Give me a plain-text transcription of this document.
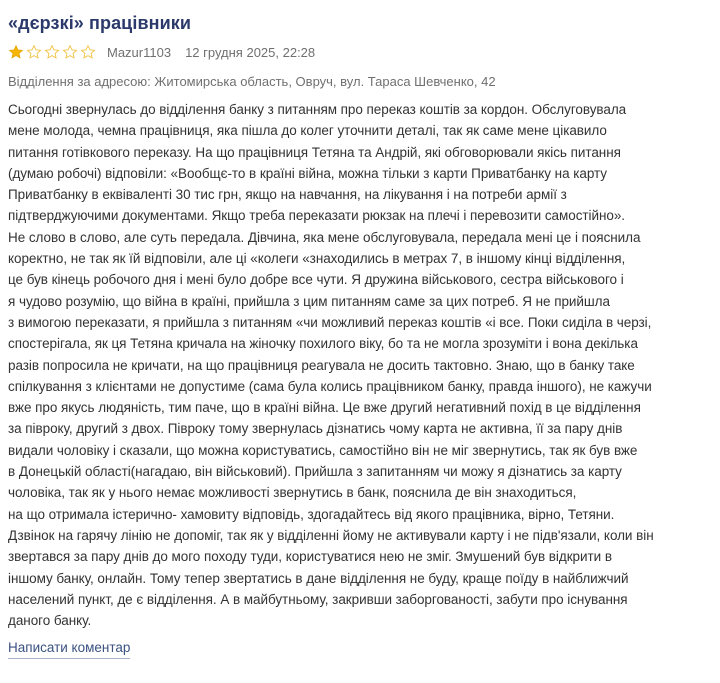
«дєрзкі» працівники
Mazur1103 12 грудня 2025, 22:28
Відділення за адресою: Житомирська область, Овруч, вул. Тараса Шевченко, 42
Сьогодні звернулась до відділення банку з питанням про переказ коштів за кордон. Обслуговувала
мене молода, чемна працівниця, яка пішла до колег уточнити деталі, так як саме мене цікавило
питання готівкового переказу. На що працівниця Тетяна та Андрій, які обговорювали якісь питання
(думаю робочі) відповіли: «Вообщє-то в країні війна, можна тільки з карти Приватбанку на карту
Приватбанку в еквіваленті 30 тис грн, якщо на навчання, на лікування і на потреби армії з
підтверджуючими документами. Якщо треба переказати рюкзак на плечі і перевозити самостійно».
Не слово в слово, але суть передала. Дівчина, яка мене обслуговувала, передала мені це і пояснила
коректно, не так як їй відповіли, але ці «колеги «знаходились в метрах 7, в іншому кінці відділення,
це був кінець робочого дня і мені було добре все чути. Я дружина військового, сестра військового і
я чудово розумію, що війна в країні, прийшла з цим питанням саме за цих потреб. Я не прийшла
з вимогою переказати, я прийшла з питанням «чи можливий переказ коштів «і все. Поки сиділа в черзі,
спостерігала, як ця Тетяна кричала на жіночку похилого віку, бо та не могла зрозуміти і вона декілька
разів попросила не кричати, на що працівниця реагувала не досить тактовно. Знаю, що в банку таке
спілкування з клієнтами не допустиме (сама була колись працівником банку, правда іншого), не кажучи
вже про якусь людяність, тим паче, що в країні війна. Це вже другий негативний похід в це відділення
за півроку, другий з двох. Півроку тому звернулась дізнатись чому карта не активна, її за пару днів
видали чоловіку і сказали, що можна користуватись, самостійно він не міг звернутись, так як був вже
в Донецькій області(нагадаю, він військовий). Прийшла з запитанням чи можу я дізнатись за карту
чоловіка, так як у нього немає можливості звернутись в банк, пояснила де він знаходиться,
на що отримала істерично- хамовиту відповідь, здогадайтесь від якого працівника, вірно, Тетяни.
Дзвінок на гарячу лінію не допоміг, так як у відділенні йому не активували карту і не підв'язали, коли він
звертався за пару днів до мого походу туди, користуватися нею не зміг. Змушений був відкрити в
іншому банку, онлайн. Тому тепер звертатись в дане відділення не буду, краще поїду в найближчий
населений пункт, де є відділення. А в майбутньому, закривши заборгованості, забути про існування
даного банку.
Написати коментар
